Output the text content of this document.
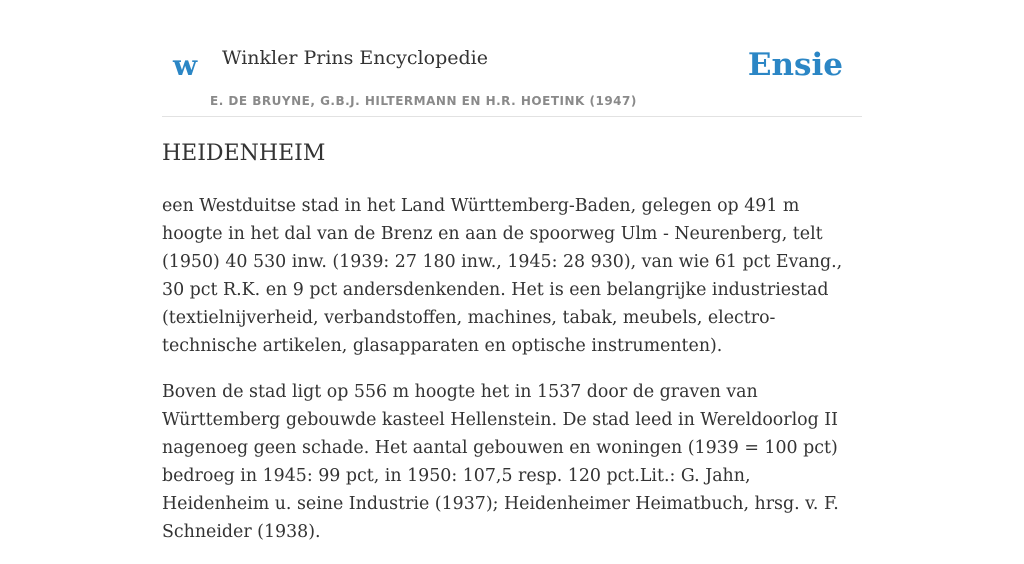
w Winkler Prins Encyclopedie
E. DE BRUYNE, G.B.J. HILTERMANN EN H.R. HOETINK (1947)
Ensie
HEIDENHEIM

een Westduitse stad in het Land Württemberg-Baden, gelegen op 491 m hoogte in het dal van de Brenz en aan de spoorweg Ulm - Neurenberg, telt (1950) 40 530 inw. (1939: 27 180 inw., 1945: 28 930), van wie 61 pct Evang., 30 pct R.K. en 9 pct andersdenkenden. Het is een belangrijke industriestad (textielnijverheid, verbandstoffen, machines, tabak, meubels, electro-technische artikelen, glasapparaten en optische instrumenten).

Boven de stad ligt op 556 m hoogte het in 1537 door de graven van Württemberg gebouwde kasteel Hellenstein. De stad leed in Wereldoorlog II nagenoeg geen schade. Het aantal gebouwen en woningen (1939 = 100 pct) bedroeg in 1945: 99 pct, in 1950: 107,5 resp. 120 pct.Lit.: G. Jahn, Heidenheim u. seine Industrie (1937); Heidenheimer Heimatbuch, hrsg. v. F. Schneider (1938).
